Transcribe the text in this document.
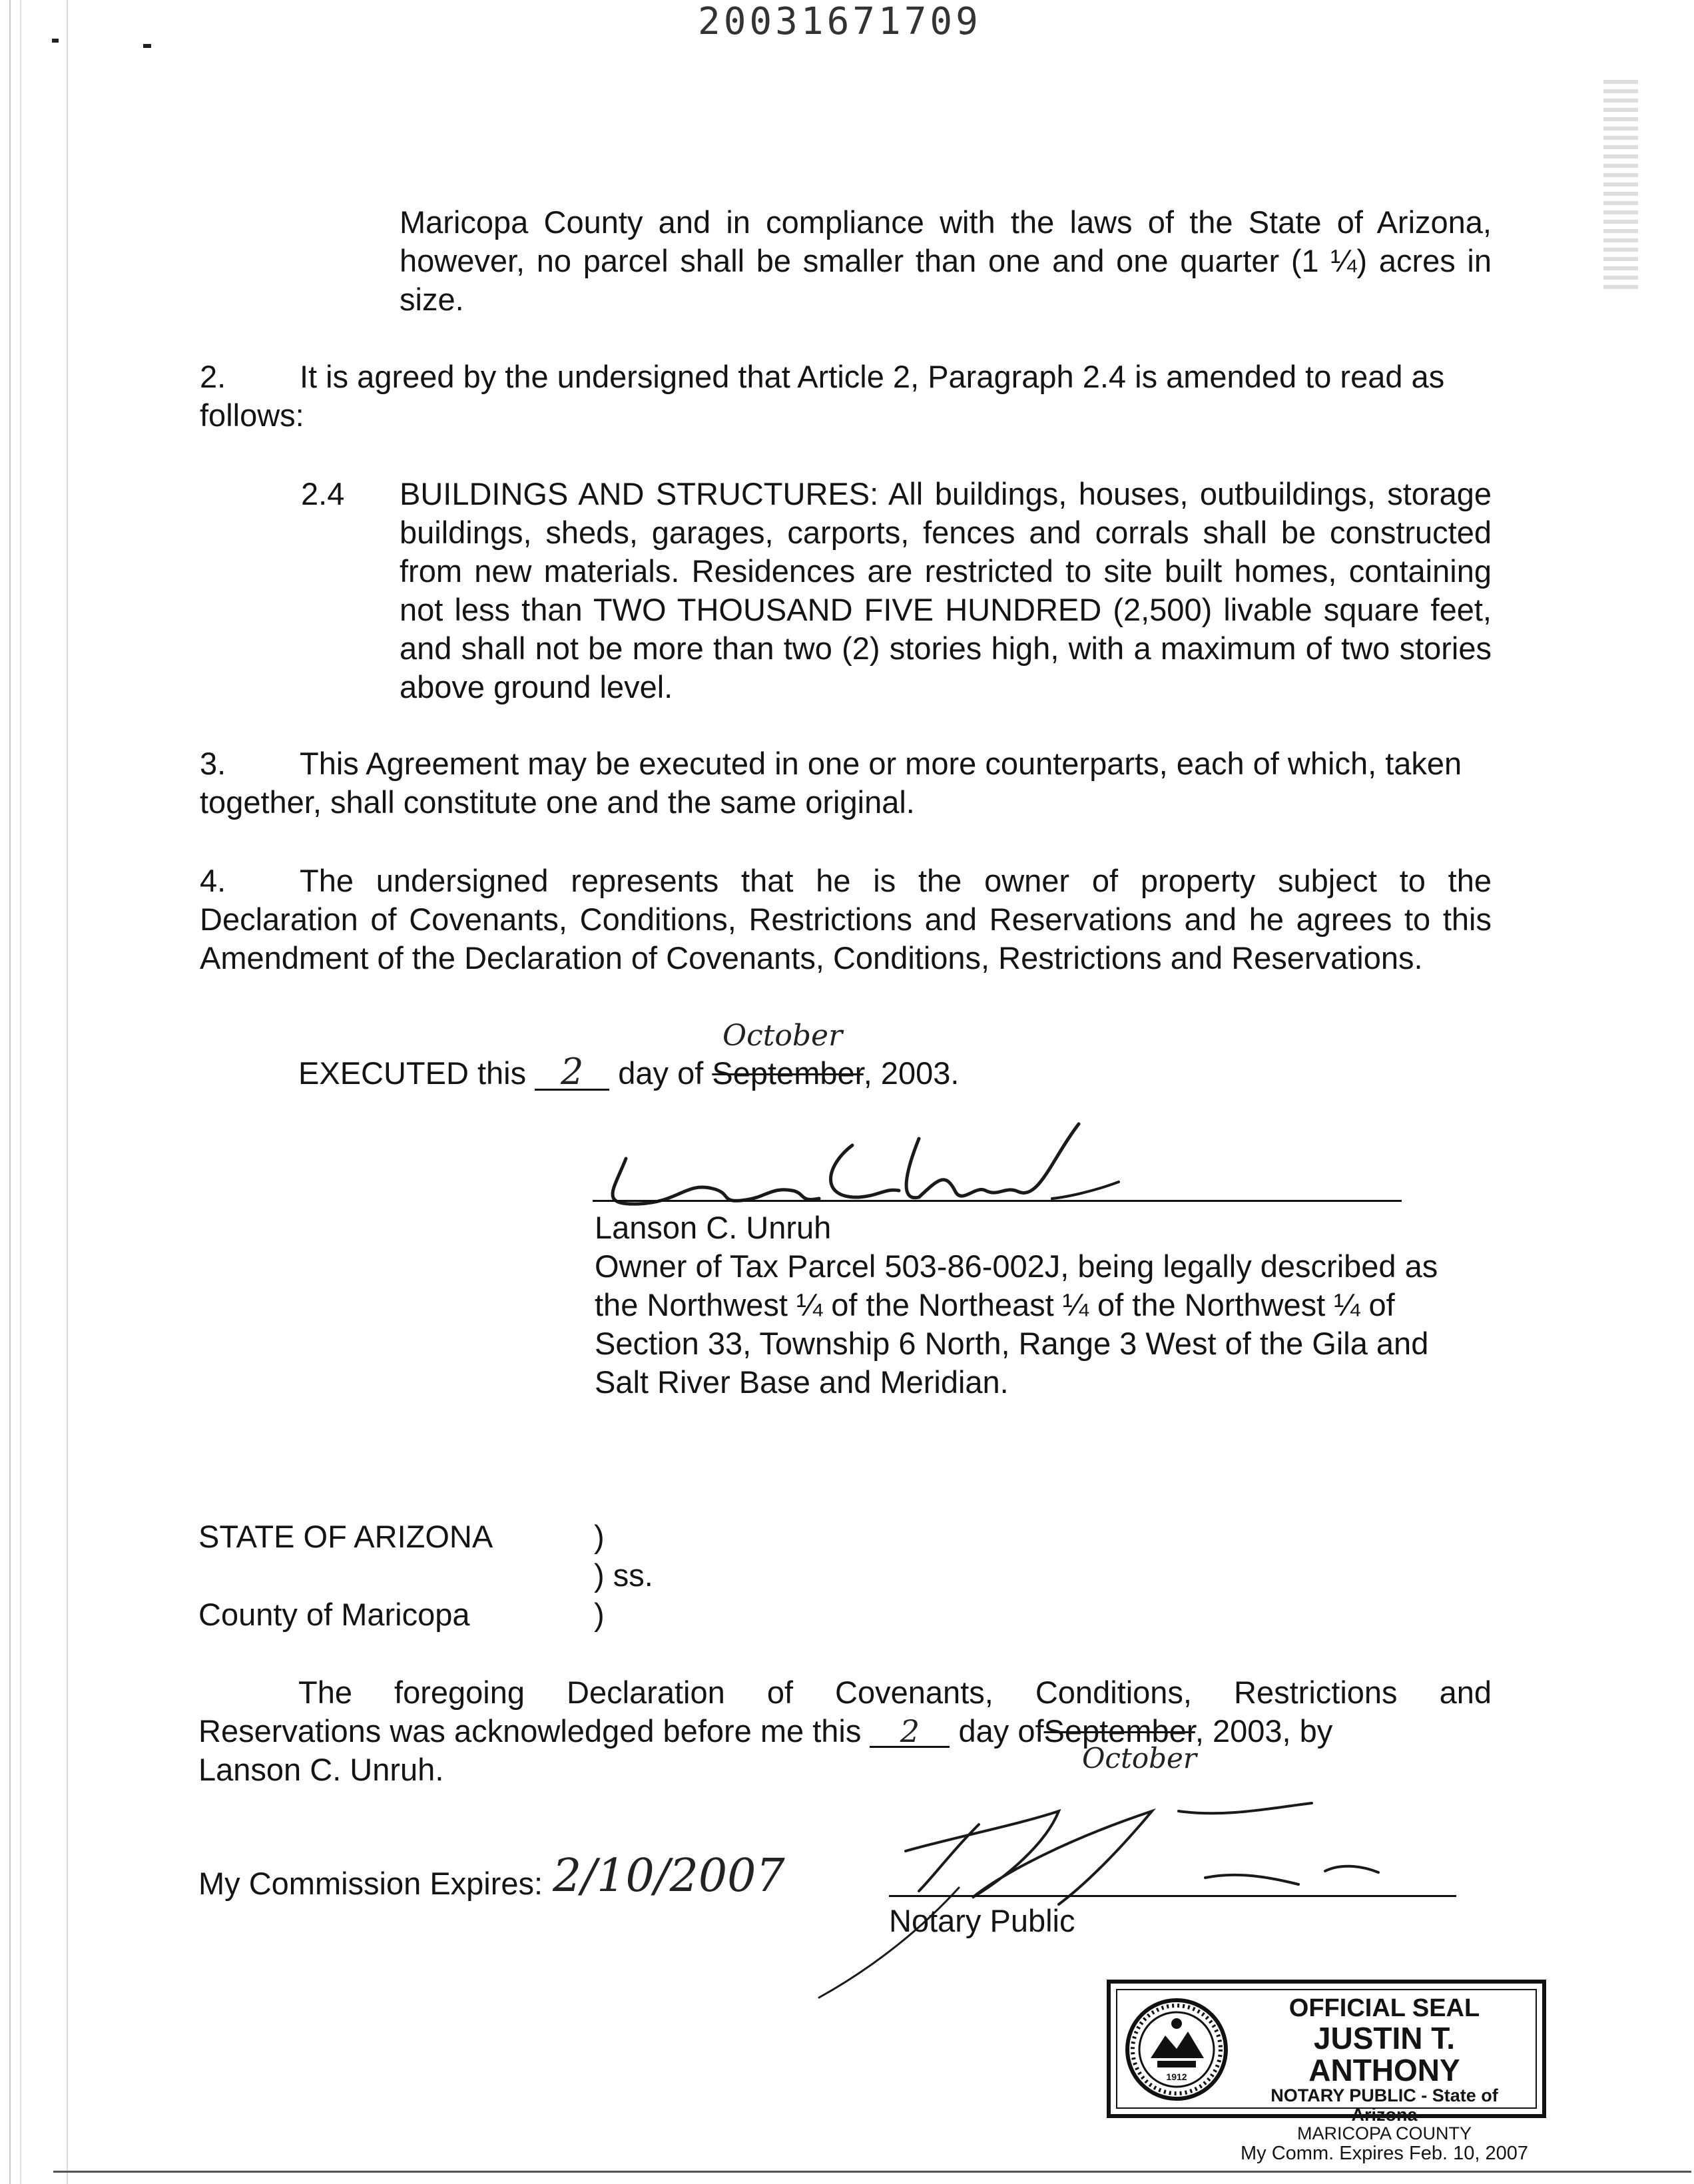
20031671709
Maricopa County and in compliance with the laws of the State of Arizona, however, no parcel shall be smaller than one and one quarter (1 ¼) acres in size.
2. It is agreed by the undersigned that Article 2, Paragraph 2.4 is amended to read as follows:
2.4	BUILDINGS AND STRUCTURES: All buildings, houses, outbuildings, storage buildings, sheds, garages, carports, fences and corrals shall be constructed from new materials. Residences are restricted to site built homes, containing not less than TWO THOUSAND FIVE HUNDRED (2,500) livable square feet, and shall not be more than two (2) stories high, with a maximum of two stories above ground level.
3. This Agreement may be executed in one or more counterparts, each of which, taken together, shall constitute one and the same original.
4. The undersigned represents that he is the owner of property subject to the Declaration of Covenants, Conditions, Restrictions and Reservations and he agrees to this Amendment of the Declaration of Covenants, Conditions, Restrictions and Reservations.
October
EXECUTED this 2 day of September, 2003.
Lanson C. Unruh
Lanson C. Unruh
Owner of Tax Parcel 503-86-002J, being legally described as the Northwest ¼ of the Northeast ¼ of the Northwest ¼ of Section 33, Township 6 North, Range 3 West of the Gila and Salt River Base and Meridian.
STATE OF ARIZONA	)
) ss.
County of Maricopa	)
The foregoing Declaration of Covenants, Conditions, Restrictions and
Reservations was acknowledged before me this 2 day ofSeptember, 2003, by
October
Lanson C. Unruh.
My Commission Expires: 2/10/2007
Notary Public
1912
OFFICIAL SEAL
JUSTIN T. ANTHONY
NOTARY PUBLIC - State of Arizona
MARICOPA COUNTY
My Comm. Expires Feb. 10, 2007
